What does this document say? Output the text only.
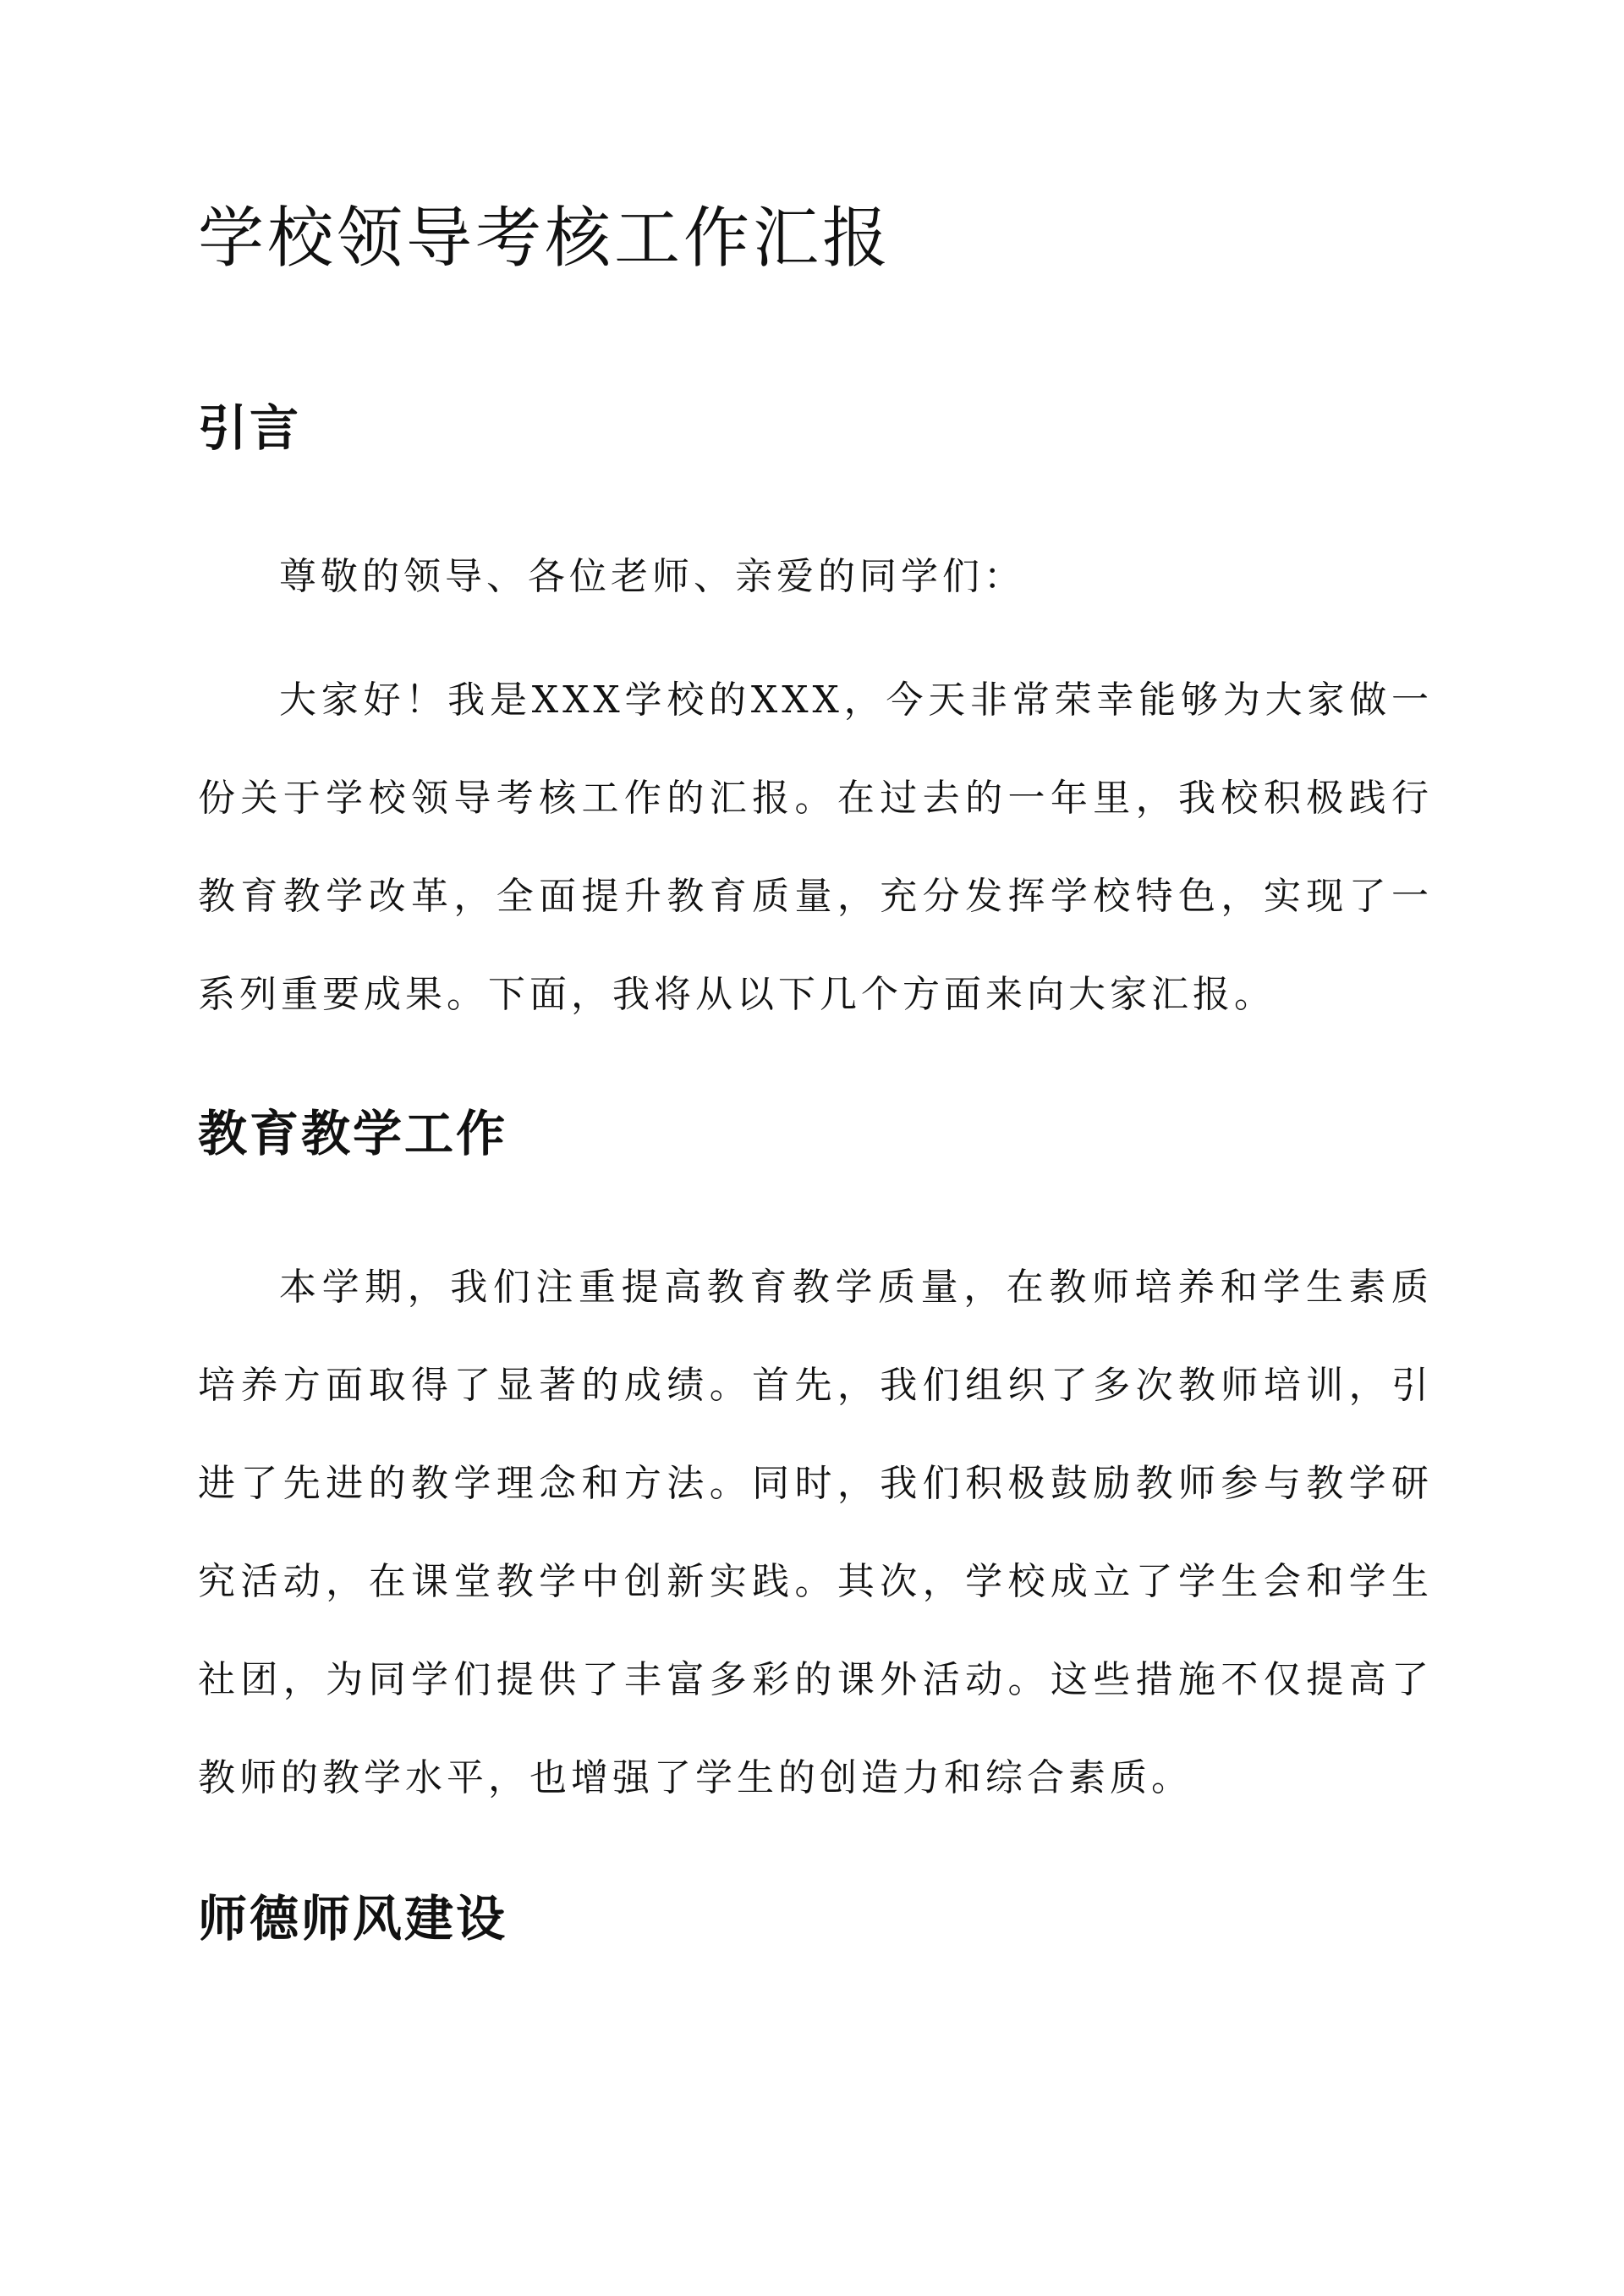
学校领导考核工作汇报
引言

尊敬的领导、各位老师、亲爱的同学们：

大家好！我是XXX学校的XXX，今天非常荣幸能够为大家做一
份关于学校领导考核工作的汇报。在过去的一年里，我校积极践行
教育教学改革，全面提升教育质量，充分发挥学校特色，实现了一
系列重要成果。下面，我将从以下几个方面来向大家汇报。

教育教学工作

本学期，我们注重提高教育教学质量，在教师培养和学生素质
培养方面取得了显著的成绩。首先，我们组织了多次教师培训，引
进了先进的教学理念和方法。同时，我们积极鼓励教师参与教学研
究活动，在课堂教学中创新实践。其次，学校成立了学生会和学生
社团，为同学们提供了丰富多彩的课外活动。这些措施不仅提高了
教师的教学水平，也增强了学生的创造力和综合素质。

师德师风建设
